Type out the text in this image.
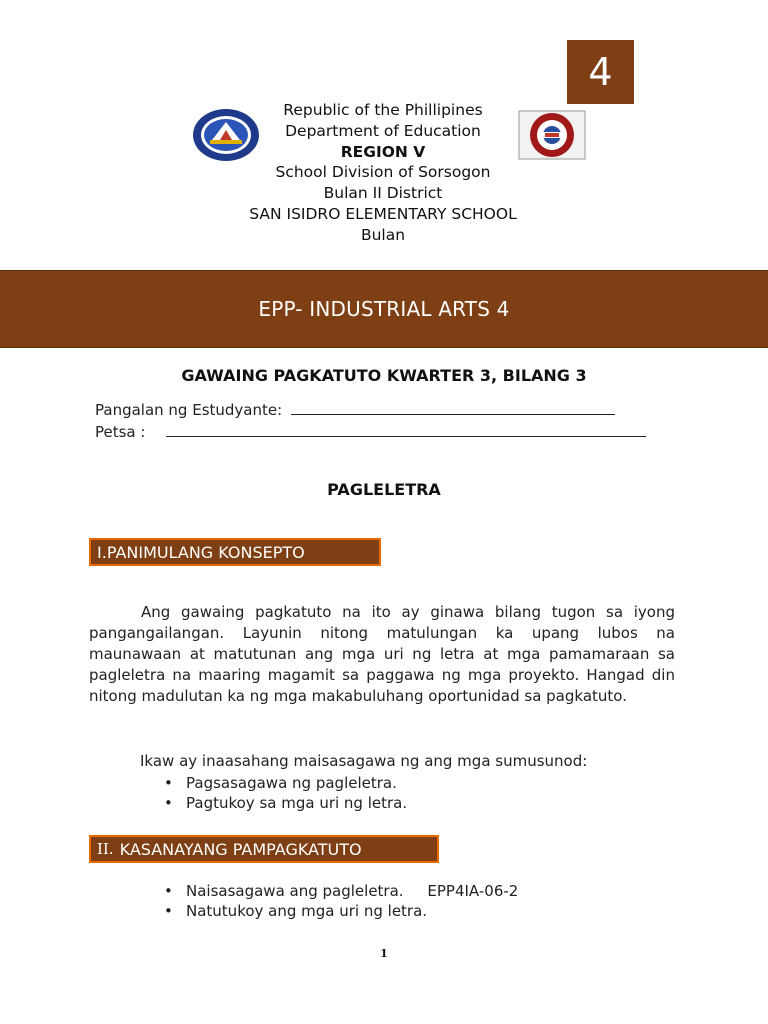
4
Republic of the Phillipines
Department of Education
REGION V
School Division of Sorsogon
Bulan II District
SAN ISIDRO ELEMENTARY SCHOOL
Bulan
EPP- INDUSTRIAL ARTS 4
GAWAING PAGKATUTO KWARTER 3, BILANG 3
Pangalan ng Estudyante:
Petsa :
PAGLELETRA
I. PANIMULANG KONSEPTO
Ang gawaing pagkatuto na ito ay ginawa bilang tugon sa iyong pangangailangan. Layunin nitong matulungan ka upang lubos na maunawaan at matutunan ang mga uri ng letra at mga pamamaraan sa pagleletra na maaring magamit sa paggawa ng mga proyekto. Hangad din nitong madulutan ka ng mga makabuluhang oportunidad sa pagkatuto.
Ikaw ay inaasahang maisasagawa ng ang mga sumusunod:
• Pagsasagawa ng pagleletra.
• Pagtukoy sa mga uri ng letra.
II. KASANAYANG PAMPAGKATUTO
• Naisasagawa ang pagleletra.     EPP4IA-06-2
• Natutukoy ang mga uri ng letra.
1
